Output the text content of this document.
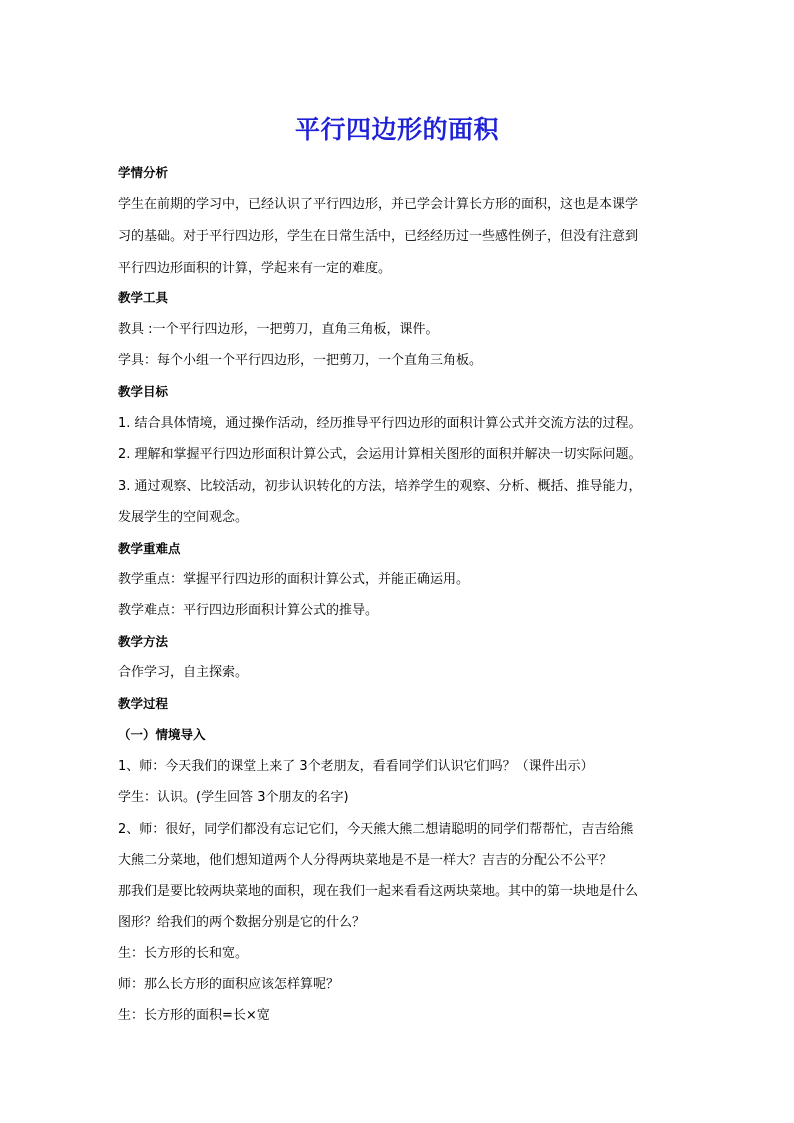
平行四边形的面积
学情分析
学生在前期的学习中，已经认识了平行四边形，并已学会计算长方形的面积，这也是本课学
习的基础。对于平行四边形，学生在日常生活中，已经经历过一些感性例子，但没有注意到
平行四边形面积的计算，学起来有一定的难度。
教学工具
教具 :一个平行四边形，一把剪刀，直角三角板，课件。
学具：每个小组一个平行四边形，一把剪刀，一个直角三角板。
教学目标
1. 结合具体情境，通过操作活动，经历推导平行四边形的面积计算公式并交流方法的过程。
2. 理解和掌握平行四边形面积计算公式，会运用计算相关图形的面积并解决一切实际问题。
3. 通过观察、比较活动，初步认识转化的方法，培养学生的观察、分析、概括、推导能力，
发展学生的空间观念。
教学重难点
教学重点：掌握平行四边形的面积计算公式，并能正确运用。
教学难点：平行四边形面积计算公式的推导。
教学方法
合作学习，自主探索。
教学过程
（一）情境导入
1、师：今天我们的课堂上来了 3个老朋友，看看同学们认识它们吗？（课件出示）
学生：认识。(学生回答 3个朋友的名字)
2、师：很好，同学们都没有忘记它们，今天熊大熊二想请聪明的同学们帮帮忙，吉吉给熊
大熊二分菜地，他们想知道两个人分得两块菜地是不是一样大？吉吉的分配公不公平？
那我们是要比较两块菜地的面积，现在我们一起来看看这两块菜地。其中的第一块地是什么
图形？给我们的两个数据分别是它的什么？
生：长方形的长和宽。
师：那么长方形的面积应该怎样算呢？
生：长方形的面积=长×宽
